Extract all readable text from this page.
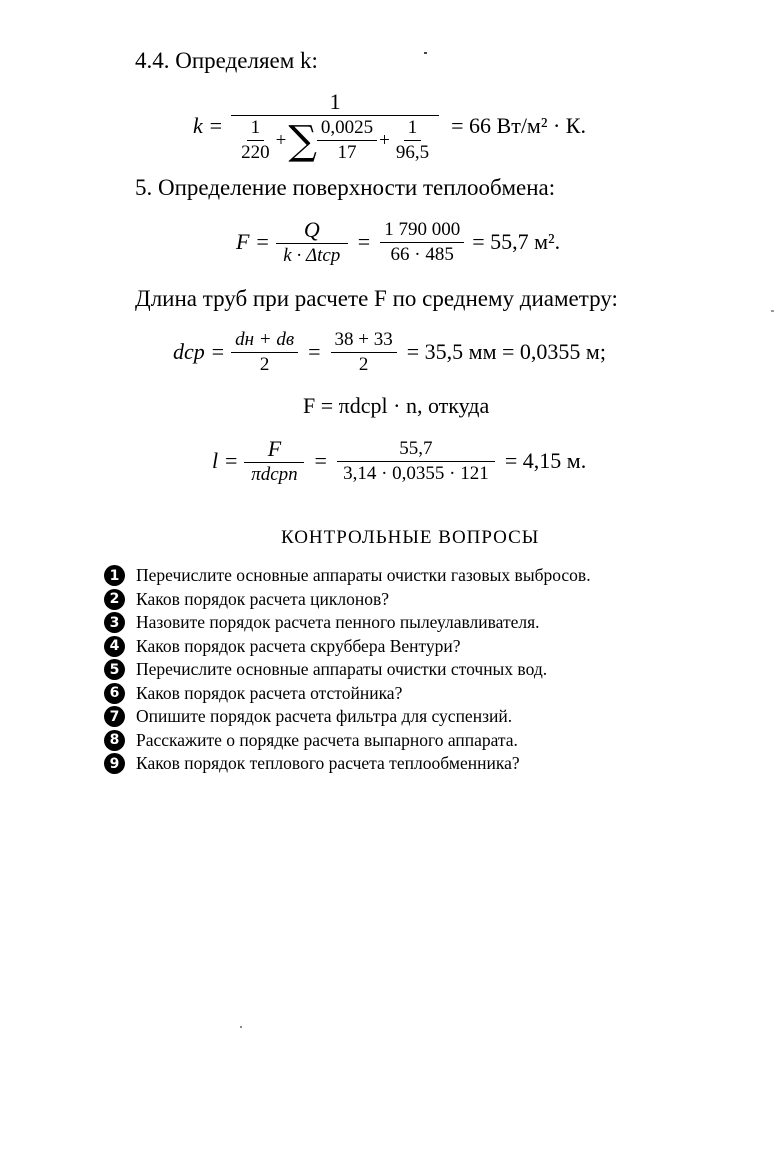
4.4. Определяем k:
k =
1
$\frac{1}{220}$ + ∑ $\frac{0,0025}{17} + \frac{1}{96,5} = 66$ Вт/м² · К.
5. Определение поверхности теплообмена:
$F = \frac{Q}{\text{k · Δtср}} = \frac{1 790 000}{66 \cdot 485} = 55,7$ м².
Длина труб при расчете F по среднему диаметру:
dср = $\frac{dн + dв}{2} = \frac{38 + 33}{2} = 35,5$ мм = 0,0355 м;
F = πdсрl · n, откуда
$l = \frac{F}{\text{πdсрn}} = \frac{55,7}{3,14 \cdot 0,0355 \cdot 121} = 4,15$ м.
КОНТРОЛЬНЫЕ ВОПРОСЫ
1 Перечислите основные аппараты очистки газовых выбросов.
2 Каков порядок расчета циклонов?
3 Назовите порядок расчета пенного пылеулавливателя.
4 Каков порядок расчета скруббера Вентури?
5 Перечислите основные аппараты очистки сточных вод.
6 Каков порядок расчета отстойника?
7 Опишите порядок расчета фильтра для суспензий.
8 Расскажите о порядке расчета выпарного аппарата.
9 Каков порядок теплового расчета теплообменника?
